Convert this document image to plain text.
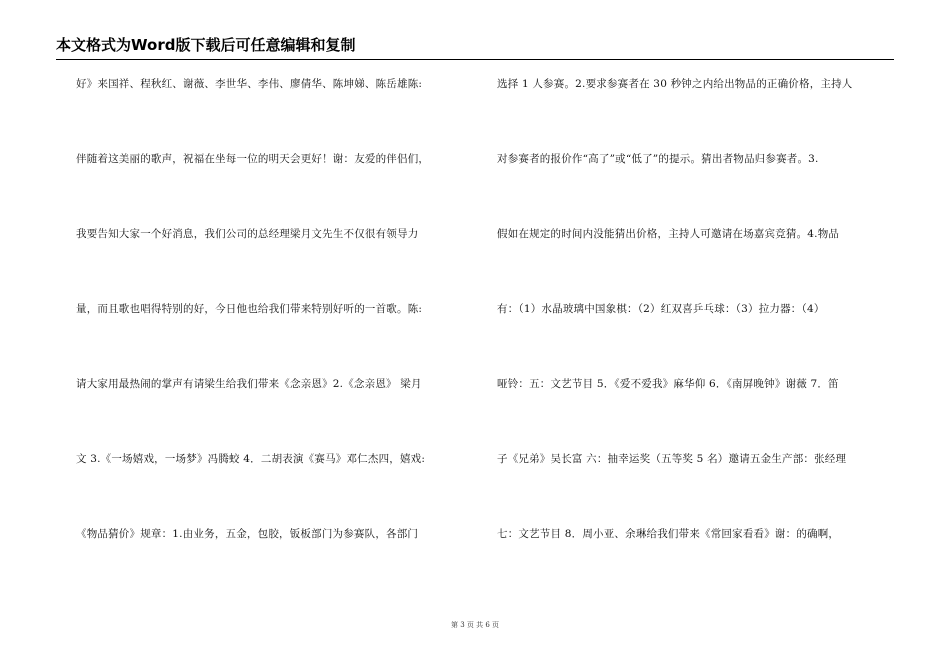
本文格式为Word版下载后可任意编辑和复制
好》来国祥、程秋红、谢薇、李世华、李伟、廖倩华、陈坤娣、陈岳雄陈:
伴随着这美丽的歌声，祝福在坐每一位的明天会更好！谢：友爱的伴侣们，
我要告知大家一个好消息，我们公司的总经理梁月文先生不仅很有领导力
量，而且歌也唱得特别的好，今日他也给我们带来特别好听的一首歌。陈:
请大家用最热闹的掌声有请梁生给我们带来《念亲恩》2.《念亲恩》 梁月
文 3.《一场嬉戏，一场梦》冯腾蛟 4．二胡表演《赛马》邓仁杰四，嬉戏:
《物品猜价》规章：1.由业务，五金，包胶，钣板部门为参赛队，各部门
选择 1 人参赛。2.要求参赛者在 30 秒钟之内给出物品的正确价格，主持人
对参赛者的报价作“高了”或“低了”的提示。猜出者物品归参赛者。3.
假如在规定的时间内没能猜出价格，主持人可邀请在场嘉宾竞猜。4.物品
有：（1）水晶玻璃中国象棋：（2）红双喜乒乓球：（3）拉力器：（4）
哑铃：五：文艺节目 5．《爱不爱我》麻华仰 6．《南屏晚钟》谢薇 7．笛
子《兄弟》吴长富 六：抽幸运奖（五等奖 5 名）邀请五金生产部：张经理
七：文艺节目 8．周小亚、余琳给我们带来《常回家看看》谢：的确啊，
第 3 页 共 6 页
